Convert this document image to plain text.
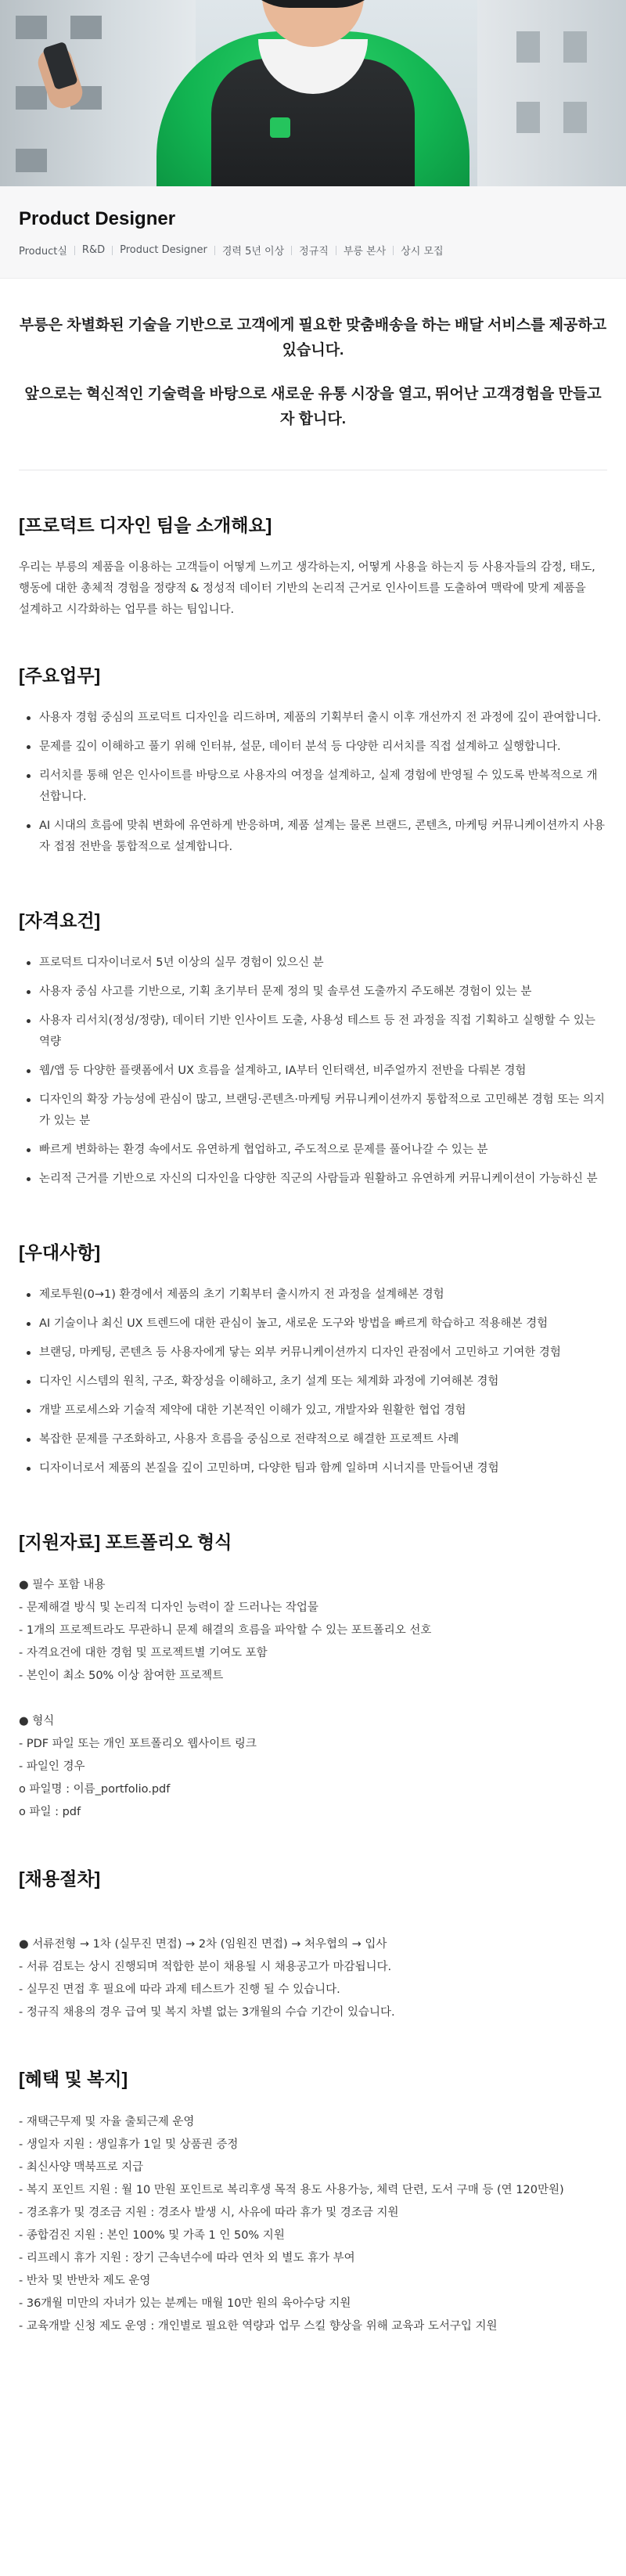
Product Designer
Product실 R&D Product Designer 경력 5년 이상 정규직 부릉 본사 상시 모집

부릉은 차별화된 기술을 기반으로 고객에게 필요한 맞춤배송을 하는 배달 서비스를 제공하고 있습니다.

앞으로는 혁신적인 기술력을 바탕으로 새로운 유통 시장을 열고, 뛰어난 고객경험을 만들고자 합니다.

[프로덕트 디자인 팀을 소개해요]
우리는 부릉의 제품을 이용하는 고객들이 어떻게 느끼고 생각하는지, 어떻게 사용을 하는지 등 사용자들의 감정, 태도,
행동에 대한 총체적 경험을 정량적 & 정성적 데이터 기반의 논리적 근거로 인사이트를 도출하여 맥락에 맞게 제품을
설계하고 시각화하는 업무를 하는 팀입니다.
[주요업무]
사용자 경험 중심의 프로덕트 디자인을 리드하며, 제품의 기획부터 출시 이후 개선까지 전 과정에 깊이 관여합니다.
문제를 깊이 이해하고 풀기 위해 인터뷰, 설문, 데이터 분석 등 다양한 리서치를 직접 설계하고 실행합니다.
리서치를 통해 얻은 인사이트를 바탕으로 사용자의 여정을 설계하고, 실제 경험에 반영될 수 있도록 반복적으로 개선합니다.
AI 시대의 흐름에 맞춰 변화에 유연하게 반응하며, 제품 설계는 물론 브랜드, 콘텐츠, 마케팅 커뮤니케이션까지 사용자 접점 전반을 통합적으로 설계합니다.
[자격요건]
프로덕트 디자이너로서 5년 이상의 실무 경험이 있으신 분
사용자 중심 사고를 기반으로, 기획 초기부터 문제 정의 및 솔루션 도출까지 주도해본 경험이 있는 분
사용자 리서치(정성/정량), 데이터 기반 인사이트 도출, 사용성 테스트 등 전 과정을 직접 기획하고 실행할 수 있는 역량
웹/앱 등 다양한 플랫폼에서 UX 흐름을 설계하고, IA부터 인터랙션, 비주얼까지 전반을 다뤄본 경험
디자인의 확장 가능성에 관심이 많고, 브랜딩·콘텐츠·마케팅 커뮤니케이션까지 통합적으로 고민해본 경험 또는 의지가 있는 분
빠르게 변화하는 환경 속에서도 유연하게 협업하고, 주도적으로 문제를 풀어나갈 수 있는 분
논리적 근거를 기반으로 자신의 디자인을 다양한 직군의 사람들과 원활하고 유연하게 커뮤니케이션이 가능하신 분
[우대사항]
제로투원(0→1) 환경에서 제품의 초기 기획부터 출시까지 전 과정을 설계해본 경험
AI 기술이나 최신 UX 트렌드에 대한 관심이 높고, 새로운 도구와 방법을 빠르게 학습하고 적용해본 경험
브랜딩, 마케팅, 콘텐츠 등 사용자에게 닿는 외부 커뮤니케이션까지 디자인 관점에서 고민하고 기여한 경험
디자인 시스템의 원칙, 구조, 확장성을 이해하고, 초기 설계 또는 체계화 과정에 기여해본 경험
개발 프로세스와 기술적 제약에 대한 기본적인 이해가 있고, 개발자와 원활한 협업 경험
복잡한 문제를 구조화하고, 사용자 흐름을 중심으로 전략적으로 해결한 프로젝트 사례
디자이너로서 제품의 본질을 깊이 고민하며, 다양한 팀과 함께 일하며 시너지를 만들어낸 경험
[지원자료] 포트폴리오 형식
● 필수 포함 내용
- 문제해결 방식 및 논리적 디자인 능력이 잘 드러나는 작업물
- 1개의 프로젝트라도 무관하니 문제 해결의 흐름을 파악할 수 있는 포트폴리오 선호
- 자격요건에 대한 경험 및 프로젝트별 기여도 포함
- 본인이 최소 50% 이상 참여한 프로젝트
● 형식
- PDF 파일 또는 개인 포트폴리오 웹사이트 링크
- 파일인 경우
o 파일명 : 이름_portfolio.pdf
o 파일 : pdf
[채용절차]
● 서류전형 → 1차 (실무진 면접) → 2차 (임원진 면접) → 처우협의 → 입사
- 서류 검토는 상시 진행되며 적합한 분이 채용될 시 채용공고가 마감됩니다.
- 실무진 면접 후 필요에 따라 과제 테스트가 진행 될 수 있습니다.
- 정규직 채용의 경우 급여 및 복지 차별 없는 3개월의 수습 기간이 있습니다.
[혜택 및 복지]
- 재택근무제 및 자율 출퇴근제 운영
- 생일자 지원 : 생일휴가 1일 및 상품권 증정
- 최신사양 맥북프로 지급
- 복지 포인트 지원 : 월 10 만원 포인트로 복리후생 목적 용도 사용가능, 체력 단련, 도서 구매 등 (연 120만원)
- 경조휴가 및 경조금 지원 : 경조사 발생 시, 사유에 따라 휴가 및 경조금 지원
- 종합검진 지원 : 본인 100% 및 가족 1 인 50% 지원
- 리프레시 휴가 지원 : 장기 근속년수에 따라 연차 외 별도 휴가 부여
- 반차 및 반반차 제도 운영
- 36개월 미만의 자녀가 있는 분께는 매월 10만 원의 육아수당 지원
- 교육개발 신청 제도 운영 : 개인별로 필요한 역량과 업무 스킬 향상을 위해 교육과 도서구입 지원
